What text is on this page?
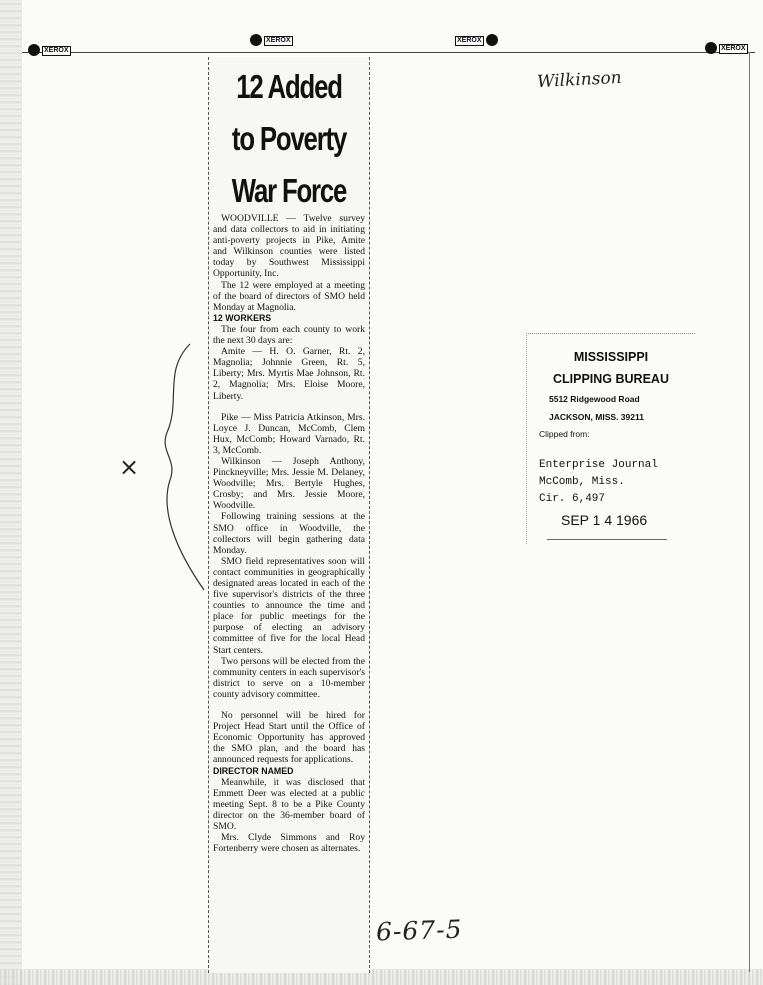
XEROX
XEROX	XEROX
XEROX
12 Added
to Poverty
War Force

WOODVILLE — Twelve survey and data collectors to aid in initiating anti-poverty projects in Pike, Amite and Wilkinson counties were listed today by Southwest Mississippi Opportunity, Inc.

The 12 were employed at a meeting of the board of directors of SMO held Monday at Magnolia.

12 WORKERS

The four from each county to work the next 30 days are:

Amite — H. O. Garner, Rt. 2, Magnolia; Johnnie Green, Rt. 5, Liberty; Mrs. Myrtis Mae Johnson, Rt. 2, Magnolia; Mrs. Eloise Moore, Liberty.

Pike — Miss Patricia Atkinson, Mrs. Loyce J. Duncan, McComb, Clem Hux, McComb; Howard Varnado, Rt. 3, McComb.

Wilkinson — Joseph Anthony, Pinckneyville; Mrs. Jessie M. Delaney, Woodville; Mrs. Bertyle Hughes, Crosby; and Mrs. Jessie Moore, Woodville.

Following training sessions at the SMO office in Woodville, the collectors will begin gathering data Monday.

SMO field representatives soon will contact communities in geographically designated areas located in each of the five supervisor's districts of the three counties to announce the time and place for public meetings for the purpose of electing an advisory committee of five for the local Head Start centers.

Two persons will be elected from the community centers in each supervisor's district to serve on a 10-member county advisory committee.

No personnel will be hired for Project Head Start until the Office of Economic Opportunity has approved the SMO plan, and the board has announced requests for applications.

DIRECTOR NAMED

Meanwhile, it was disclosed that Emmett Deer was elected at a public meeting Sept. 8 to be a Pike County director on the 36-member board of SMO.

Mrs. Clyde Simmons and Roy Fortenberry were chosen as alternates.

MISSISSIPPI
CLIPPING BUREAU
5512 Ridgewood Road
JACKSON, MISS. 39211
Clipped from:
Enterprise Journal
McComb, Miss.
Cir. 6,497
SEP 1 4 1966
Wilkinson
6-67-5
×
